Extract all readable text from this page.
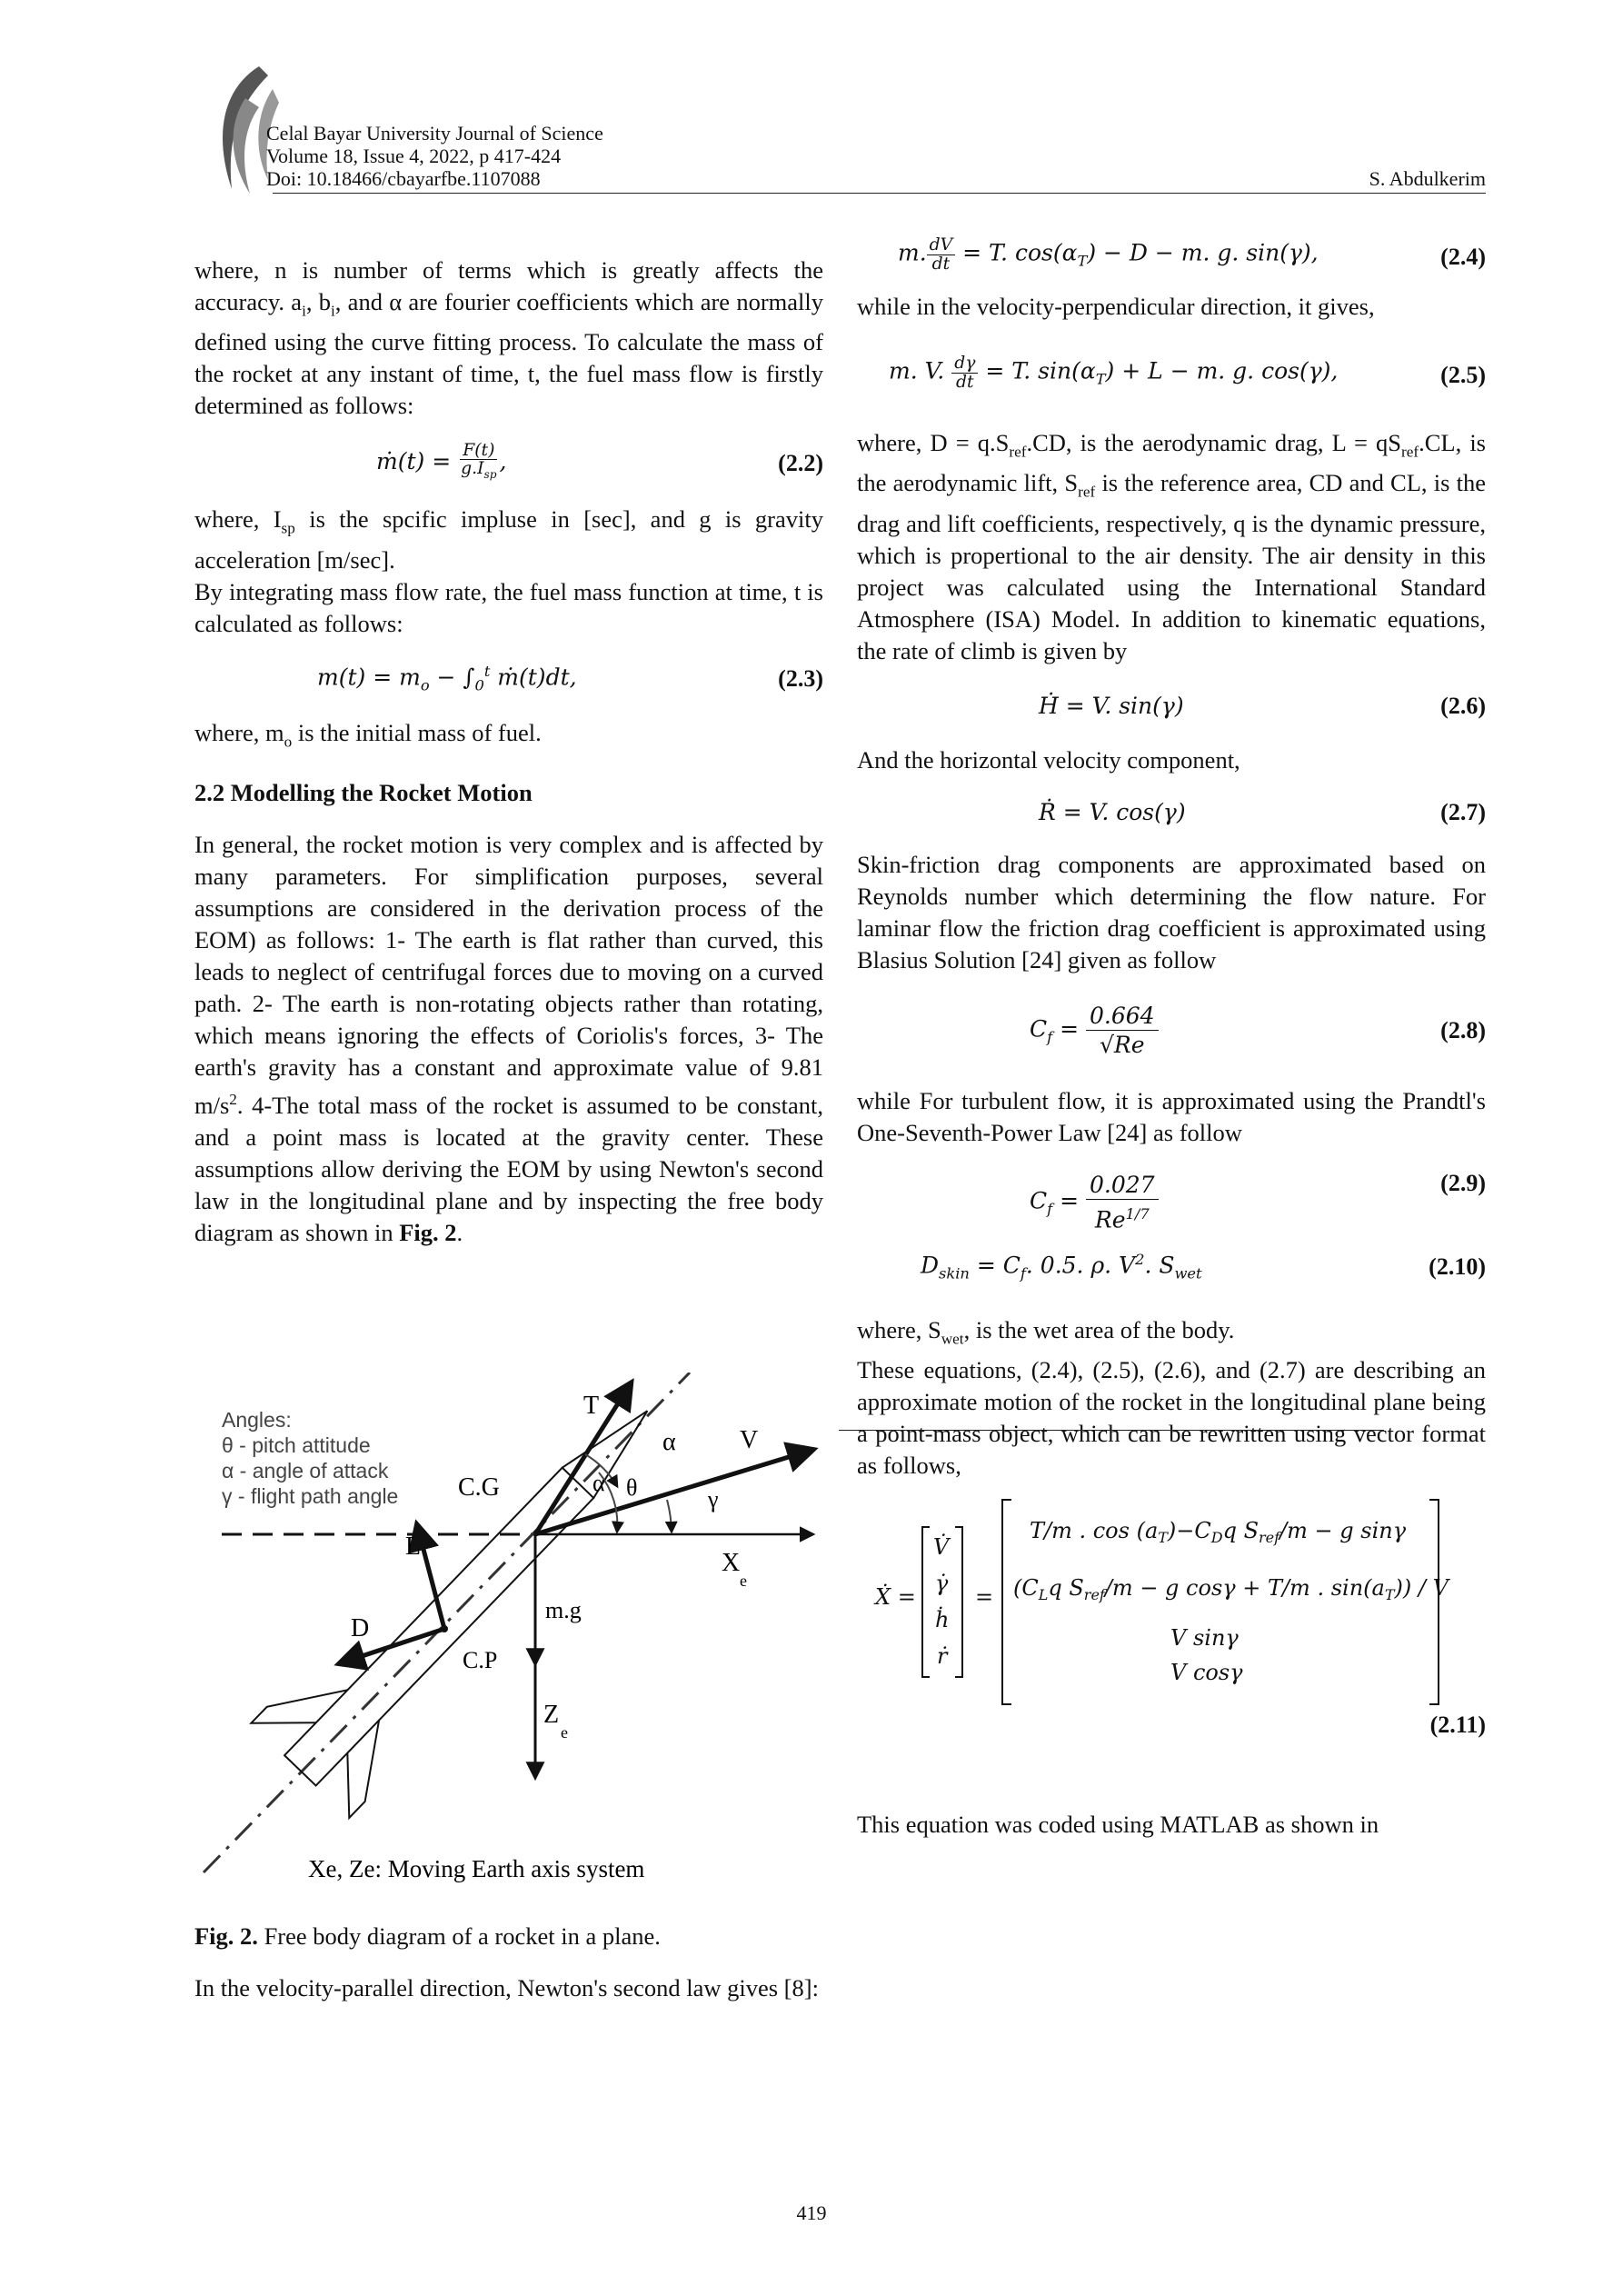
Celal Bayar University Journal of Science
Volume 18, Issue 4, 2022, p 417-424
Doi: 10.18466/cbayarfbe.1107088	S. Abdulkerim

where, n is number of terms which is greatly affects the accuracy. $a_i$, $b_i$, and α are fourier coefficients which are normally defined using the curve fitting process. To calculate the mass of the rocket at any instant of time, t, the fuel mass flow is firstly determined as follows:

ṁ(t) = $\frac{F(t)}{g.I_{sp}}$ ,	(2.2)

where, $I_{sp}$ is the spcific impluse in [sec], and g is gravity acceleration [m/sec].

By integrating mass flow rate, the fuel mass function at time, t is calculated as follows:

$m(t) = m_o - \int_0^t$ ṁ(t)dt,	(2.3)

where, $m_o$ is the initial mass of fuel.

2.2 Modelling the Rocket Motion

In general, the rocket motion is very complex and is affected by many parameters. For simplification purposes, several assumptions are considered in the derivation process of the EOM) as follows: 1- The earth is flat rather than curved, this leads to neglect of centrifugal forces due to moving on a curved path. 2- The earth is non-rotating objects rather than rotating, which means ignoring the effects of Coriolis's forces, 3- The earth's gravity has a constant and approximate value of 9.81 $m/s^2$. 4-The total mass of the rocket is assumed to be constant, and a point mass is located at the gravity center. These assumptions allow deriving the EOM by using Newton's second law in the longitudinal plane and by inspecting the free body diagram as shown in Fig. 2.

Angles:
θ - pitch attitude
α - angle of attack
γ - flight path angle
T
α	V
C.G	α θ	γ
L
X
e
D
m.g
C.P
Z
e
Xe, Ze: Moving Earth axis system
Fig. 2. Free body diagram of a rocket in a plane.
In the velocity-parallel direction, Newton's second law gives [8]:
m. $\frac{dV}{dt} = T$. $\cos(\alpha_T) - D - m$. g. sin(γ),	(2.4)

while in the velocity-perpendicular direction, it gives,

m. V. $\frac{d\gamma}{dt} = T$. $\sin(\alpha_T) + L - m$. g. cos(γ),	(2.5)

where, $D = q.S_{ref}.CD$, is the aerodynamic drag, $L = qS_{ref}.CL$, is the aerodynamic lift, $S_{ref}$ is the reference area, CD and CL, is the drag and lift coefficients, respectively, q is the dynamic pressure, which is propertional to the air density. The air density in this project was calculated using the International Standard Atmosphere (ISA) Model. In addition to kinematic equations, the rate of climb is given by

Ḣ = V. sin(γ)	(2.6)

And the horizontal velocity component,

Ṙ = V. cos(γ)	(2.7)

Skin-friction drag components are approximated based on Reynolds number which determining the flow nature. For laminar flow the friction drag coefficient is approximated using Blasius Solution [24] given as follow

$C_f = \frac{0.664}{√Re}$	(2.8)

while For turbulent flow, it is approximated using the Prandtl's One-Seventh-Power Law [24] as follow

$C_f = \frac{0.027}{Re^{1/7}}$	(2.9)
$D_{skin} = C_f$. 0.5. ρ. $V^2$. $S_{wet}$	(2.10)

where, $S_{wet}$, is the wet area of the body.

These equations, (2.4), (2.5), (2.6), and (2.7) are describing an approximate motion of the rocket in the longitudinal plane being a point-mass object, which can be rewritten using vector format as follows,

Ẋ =
V̇
γ̇
ḣ
ṙ
=
T/m . $\cos (a_T)-C_Dq$ $S_{ref}/m - g$ sinγ
($C_Lq$ $S_{ref}/m - g$ cosγ + T/m . $\sin(a_T)$) / V
V sinγ
V cosγ
(2.11)

This equation was coded using MATLAB as shown in

419
